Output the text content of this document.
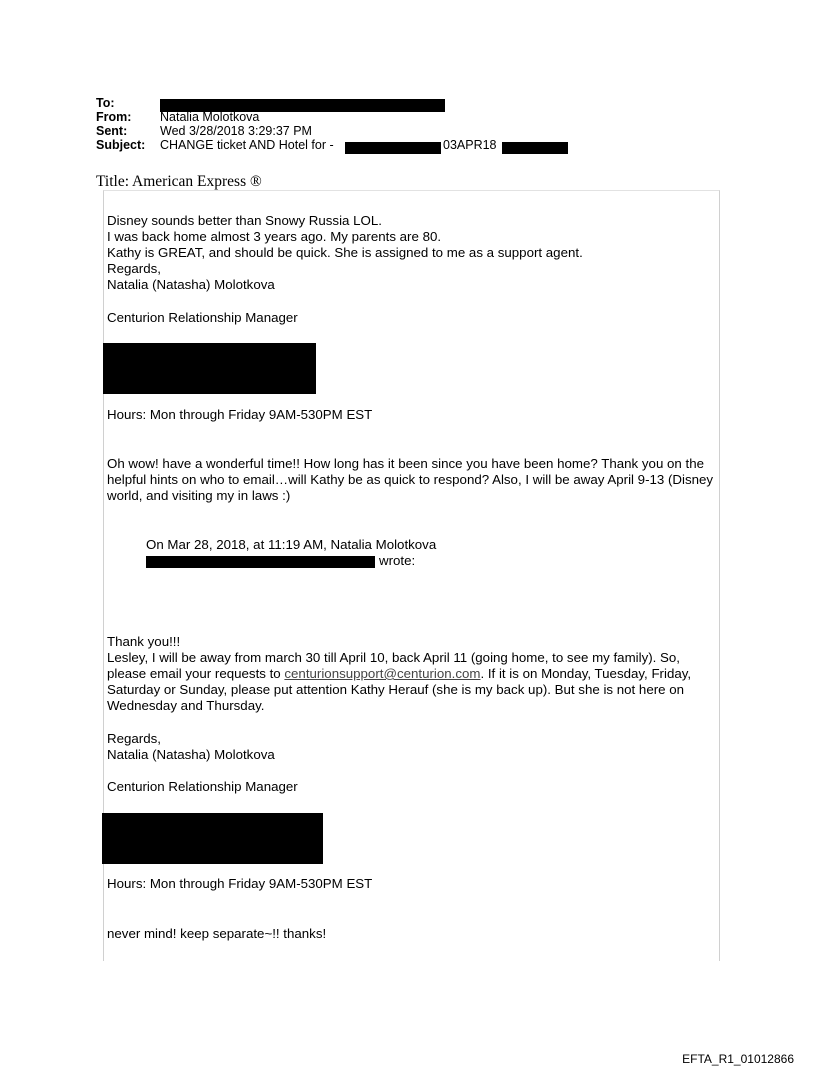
To:
From: Natalia Molotkova
Sent:	Wed 3/28/2018 3:29:37 PM
Subject: CHANGE ticket AND Hotel for -	03APR18
Title: American Express ®
Disney sounds better than Snowy Russia LOL.
I was back home almost 3 years ago. My parents are 80.
Kathy is GREAT, and should be quick. She is assigned to me as a support agent.
Regards,
Natalia (Natasha) Molotkova
Centurion Relationship Manager
Hours: Mon through Friday 9AM-530PM EST
Oh wow! have a wonderful time!! How long has it been since you have been home? Thank you on the helpful hints on who to email…will Kathy be as quick to respond? Also, I will be away April 9-13 (Disney world, and visiting my in laws :)
On Mar 28, 2018, at 11:19 AM, Natalia Molotkova
wrote:
Thank you!!!
Lesley, I will be away from march 30 till April 10, back April 11 (going home, to see my family). So, please email your requests to centurionsupport@centurion.com. If it is on Monday, Tuesday, Friday, Saturday or Sunday, please put attention Kathy Herauf (she is my back up). But she is not here on Wednesday and Thursday.
Regards,
Natalia (Natasha) Molotkova
Centurion Relationship Manager
Hours: Mon through Friday 9AM-530PM EST
never mind! keep separate~!! thanks!
EFTA_R1_01012866
